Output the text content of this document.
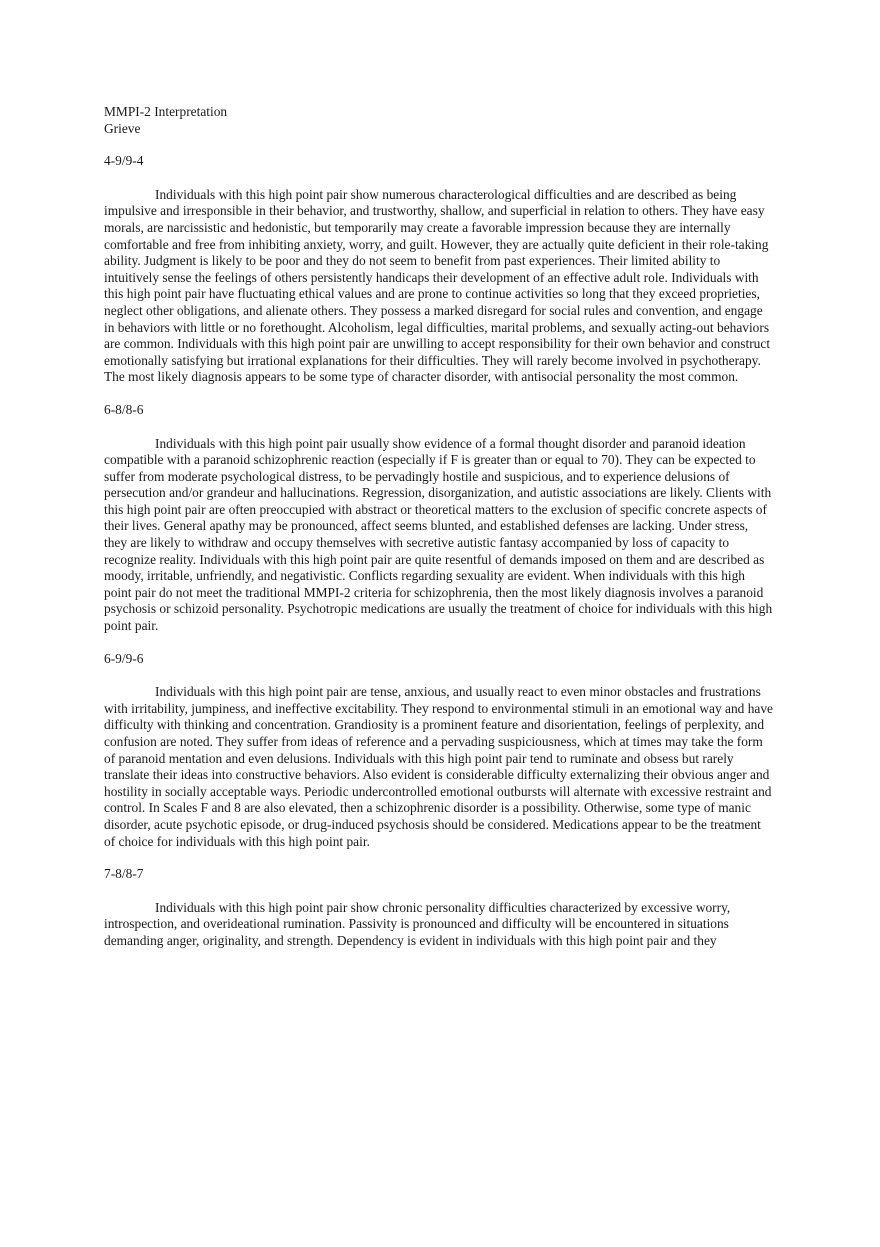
MMPI-2 Interpretation

Grieve

4-9/9-4

Individuals with this high point pair show numerous characterological difficulties and are described as being impulsive and irresponsible in their behavior, and trustworthy, shallow, and superficial in relation to others. They have easy morals, are narcissistic and hedonistic, but temporarily may create a favorable impression because they are internally comfortable and free from inhibiting anxiety, worry, and guilt. However, they are actually quite deficient in their role-taking ability. Judgment is likely to be poor and they do not seem to benefit from past experiences. Their limited ability to intuitively sense the feelings of others persistently handicaps their development of an effective adult role. Individuals with this high point pair have fluctuating ethical values and are prone to continue activities so long that they exceed proprieties, neglect other obligations, and alienate others. They possess a marked disregard for social rules and convention, and engage in behaviors with little or no forethought. Alcoholism, legal difficulties, marital problems, and sexually acting-out behaviors are common. Individuals with this high point pair are unwilling to accept responsibility for their own behavior and construct emotionally satisfying but irrational explanations for their difficulties. They will rarely become involved in psychotherapy. The most likely diagnosis appears to be some type of character disorder, with antisocial personality the most common.

6-8/8-6

Individuals with this high point pair usually show evidence of a formal thought disorder and paranoid ideation compatible with a paranoid schizophrenic reaction (especially if F is greater than or equal to 70). They can be expected to suffer from moderate psychological distress, to be pervadingly hostile and suspicious, and to experience delusions of persecution and/or grandeur and hallucinations. Regression, disorganization, and autistic associations are likely. Clients with this high point pair are often preoccupied with abstract or theoretical matters to the exclusion of specific concrete aspects of their lives. General apathy may be pronounced, affect seems blunted, and established defenses are lacking. Under stress, they are likely to withdraw and occupy themselves with secretive autistic fantasy accompanied by loss of capacity to recognize reality. Individuals with this high point pair are quite resentful of demands imposed on them and are described as moody, irritable, unfriendly, and negativistic. Conflicts regarding sexuality are evident. When individuals with this high point pair do not meet the traditional MMPI-2 criteria for schizophrenia, then the most likely diagnosis involves a paranoid psychosis or schizoid personality. Psychotropic medications are usually the treatment of choice for individuals with this high point pair.

6-9/9-6

Individuals with this high point pair are tense, anxious, and usually react to even minor obstacles and frustrations with irritability, jumpiness, and ineffective excitability. They respond to environmental stimuli in an emotional way and have difficulty with thinking and concentration. Grandiosity is a prominent feature and disorientation, feelings of perplexity, and confusion are noted. They suffer from ideas of reference and a pervading suspiciousness, which at times may take the form of paranoid mentation and even delusions. Individuals with this high point pair tend to ruminate and obsess but rarely translate their ideas into constructive behaviors. Also evident is considerable difficulty externalizing their obvious anger and hostility in socially acceptable ways. Periodic undercontrolled emotional outbursts will alternate with excessive restraint and control. In Scales F and 8 are also elevated, then a schizophrenic disorder is a possibility. Otherwise, some type of manic disorder, acute psychotic episode, or drug-induced psychosis should be considered. Medications appear to be the treatment of choice for individuals with this high point pair.

7-8/8-7

Individuals with this high point pair show chronic personality difficulties characterized by excessive worry, introspection, and overideational rumination. Passivity is pronounced and difficulty will be encountered in situations demanding anger, originality, and strength. Dependency is evident in individuals with this high point pair and they
